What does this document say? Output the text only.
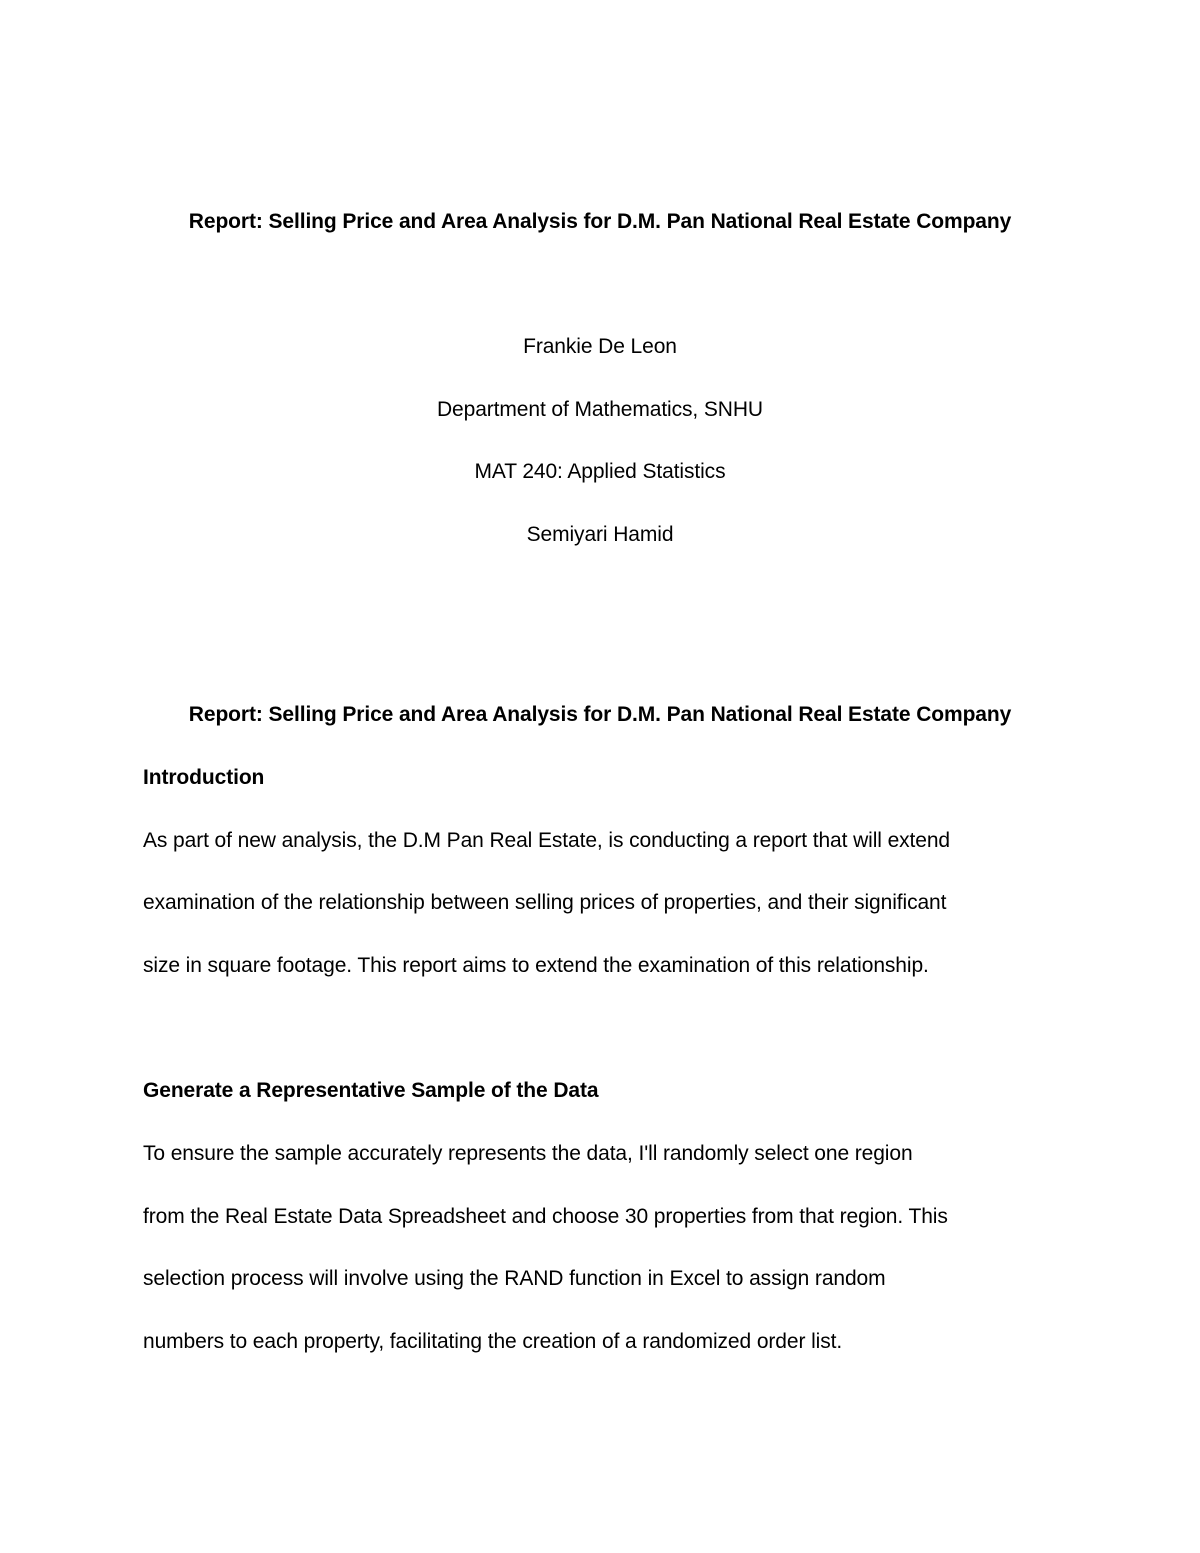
Report: Selling Price and Area Analysis for D.M. Pan National Real Estate Company
Frankie De Leon
Department of Mathematics, SNHU
MAT 240: Applied Statistics
Semiyari Hamid
Report: Selling Price and Area Analysis for D.M. Pan National Real Estate Company
Introduction
As part of new analysis, the D.M Pan Real Estate, is conducting a report that will extend
examination of the relationship between selling prices of properties, and their significant
size in square footage. This report aims to extend the examination of this relationship.
Generate a Representative Sample of the Data
To ensure the sample accurately represents the data, I'll randomly select one region
from the Real Estate Data Spreadsheet and choose 30 properties from that region. This
selection process will involve using the RAND function in Excel to assign random
numbers to each property, facilitating the creation of a randomized order list.
